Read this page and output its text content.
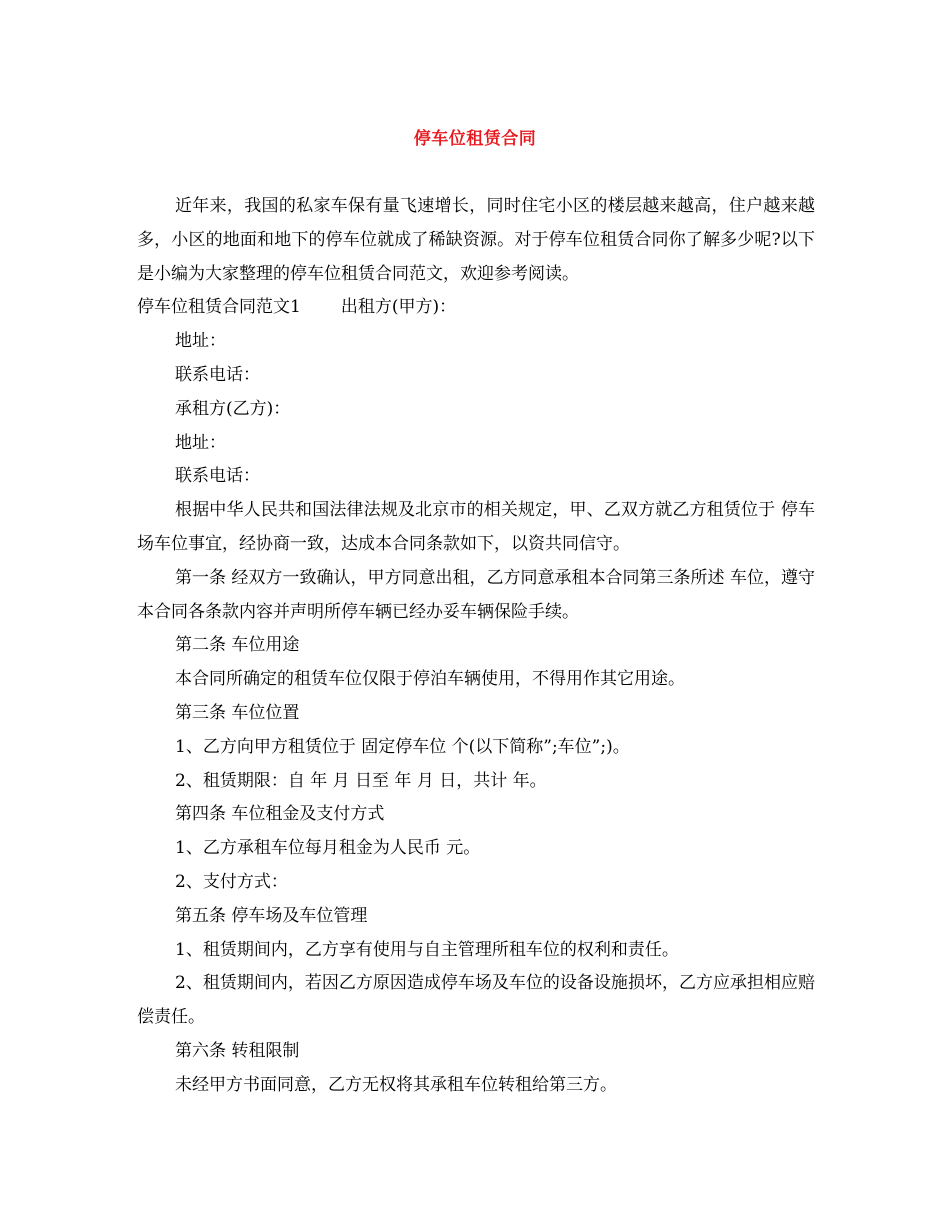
停车位租赁合同

近年来，我国的私家车保有量飞速增长，同时住宅小区的楼层越来越高，住户越来越多，小区的地面和地下的停车位就成了稀缺资源。对于停车位租赁合同你了解多少呢?以下是小编为大家整理的停车位租赁合同范文，欢迎参考阅读。

停车位租赁合同范文1 出租方(甲方)：

地址：

联系电话：

承租方(乙方)：

地址：

联系电话：

根据中华人民共和国法律法规及北京市的相关规定，甲、乙双方就乙方租赁位于 停车场车位事宜，经协商一致，达成本合同条款如下，以资共同信守。

第一条 经双方一致确认，甲方同意出租，乙方同意承租本合同第三条所述 车位，遵守本合同各条款内容并声明所停车辆已经办妥车辆保险手续。

第二条 车位用途

本合同所确定的租赁车位仅限于停泊车辆使用，不得用作其它用途。

第三条 车位位置

1、乙方向甲方租赁位于 固定停车位 个(以下简称”;车位”;)。

2、租赁期限：自 年 月 日至 年 月 日，共计 年。

第四条 车位租金及支付方式

1、乙方承租车位每月租金为人民币 元。

2、支付方式：

第五条 停车场及车位管理

1、租赁期间内，乙方享有使用与自主管理所租车位的权利和责任。

2、租赁期间内，若因乙方原因造成停车场及车位的设备设施损坏，乙方应承担相应赔偿责任。

第六条 转租限制

未经甲方书面同意，乙方无权将其承租车位转租给第三方。
